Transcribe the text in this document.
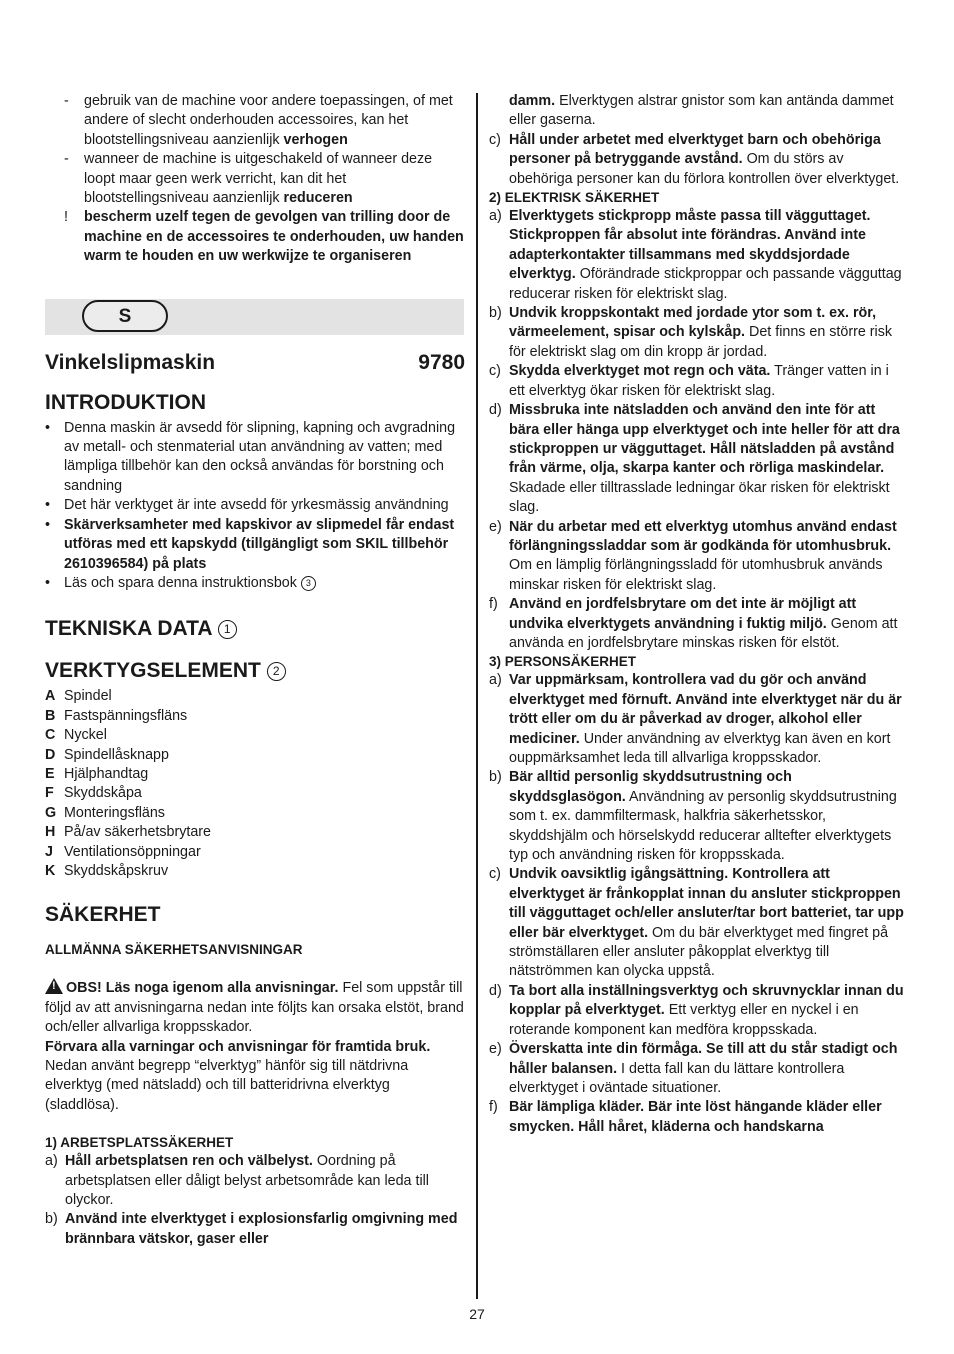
- gebruik van de machine voor andere toepassingen, of met andere of slecht onderhouden accessoires, kan het blootstellingsniveau aanzienlijk verhogen
- wanneer de machine is uitgeschakeld of wanneer deze loopt maar geen werk verricht, kan dit het blootstellingsniveau aanzienlijk reduceren
! bescherm uzelf tegen de gevolgen van trilling door de machine en de accessoires te onderhouden, uw handen warm te houden en uw werkwijze te organiseren
S
Vinkelslipmaskin	9780
INTRODUKTION
• Denna maskin är avsedd för slipning, kapning och avgradning av metall- och stenmaterial utan användning av vatten; med lämpliga tillbehör kan den också användas för borstning och sandning
• Det här verktyget är inte avsedd för yrkesmässig användning
• Skärverksamheter med kapskivor av slipmedel får endast utföras med ett kapskydd (tillgängligt som SKIL tillbehör 2610396584) på plats
• Läs och spara denna instruktionsbok 3
TEKNISKA DATA 1
VERKTYGSELEMENT 2
A Spindel
B Fastspänningsfläns
C Nyckel
D Spindellåsknapp
E Hjälphandtag
F Skyddskåpa
G Monteringsfläns
H På/av säkerhetsbrytare
J Ventilationsöppningar
K Skyddskåpskruv
SÄKERHET
ALLMÄNNA SÄKERHETSANVISNINGAR

!OBS! Läs noga igenom alla anvisningar. Fel som uppstår till följd av att anvisningarna nedan inte följts kan orsaka elstöt, brand och/eller allvarliga kroppsskador.

Förvara alla varningar och anvisningar för framtida bruk. Nedan använt begrepp “elverktyg” hänför sig till nätdrivna elverktyg (med nätsladd) och till batteridrivna elverktyg (sladdlösa).

1) ARBETSPLATSSÄKERHET
a) Håll arbetsplatsen ren och välbelyst. Oordning på arbetsplatsen eller dåligt belyst arbetsområde kan leda till olyckor.
b) Använd inte elverktyget i explosionsfarlig omgivning med brännbara vätskor, gaser eller

damm. Elverktygen alstrar gnistor som kan antända dammet eller gaserna.

c) Håll under arbetet med elverktyget barn och obehöriga personer på betryggande avstånd. Om du störs av obehöriga personer kan du förlora kontrollen över elverktyget.
2) ELEKTRISK SÄKERHET
a) Elverktygets stickpropp måste passa till vägguttaget. Stickproppen får absolut inte förändras. Använd inte adapterkontakter tillsammans med skyddsjordade elverktyg. Oförändrade stickproppar och passande vägguttag reducerar risken för elektriskt slag.
b) Undvik kroppskontakt med jordade ytor som t. ex. rör, värmeelement, spisar och kylskåp. Det finns en större risk för elektriskt slag om din kropp är jordad.
c) Skydda elverktyget mot regn och väta. Tränger vatten in i ett elverktyg ökar risken för elektriskt slag.
d) Missbruka inte nätsladden och använd den inte för att bära eller hänga upp elverktyget och inte heller för att dra stickproppen ur vägguttaget. Håll nätsladden på avstånd från värme, olja, skarpa kanter och rörliga maskindelar. Skadade eller tilltrasslade ledningar ökar risken för elektriskt slag.
e) När du arbetar med ett elverktyg utomhus använd endast förlängningssladdar som är godkända för utomhusbruk. Om en lämplig förlängningssladd för utomhusbruk används minskar risken för elektriskt slag.
f) Använd en jordfelsbrytare om det inte är möjligt att undvika elverktygets användning i fuktig miljö. Genom att använda en jordfelsbrytare minskas risken för elstöt.
3) PERSONSÄKERHET
a) Var uppmärksam, kontrollera vad du gör och använd elverktyget med förnuft. Använd inte elverktyget när du är trött eller om du är påverkad av droger, alkohol eller mediciner. Under användning av elverktyg kan även en kort ouppmärksamhet leda till allvarliga kroppsskador.
b) Bär alltid personlig skyddsutrustning och skyddsglasögon. Användning av personlig skyddsutrustning som t. ex. dammfiltermask, halkfria säkerhetsskor, skyddshjälm och hörselskydd reducerar alltefter elverktygets typ och användning risken för kroppsskada.
c) Undvik oavsiktlig igångsättning. Kontrollera att elverktyget är frånkopplat innan du ansluter stickproppen till vägguttaget och/eller ansluter/tar bort batteriet, tar upp eller bär elverktyget. Om du bär elverktyget med fingret på strömställaren eller ansluter påkopplat elverktyg till nätströmmen kan olycka uppstå.
d) Ta bort alla inställningsverktyg och skruvnycklar innan du kopplar på elverktyget. Ett verktyg eller en nyckel i en roterande komponent kan medföra kroppsskada.
e) Överskatta inte din förmåga. Se till att du står stadigt och håller balansen. I detta fall kan du lättare kontrollera elverktyget i oväntade situationer.
f) Bär lämpliga kläder. Bär inte löst hängande kläder eller smycken. Håll håret, kläderna och handskarna
27
